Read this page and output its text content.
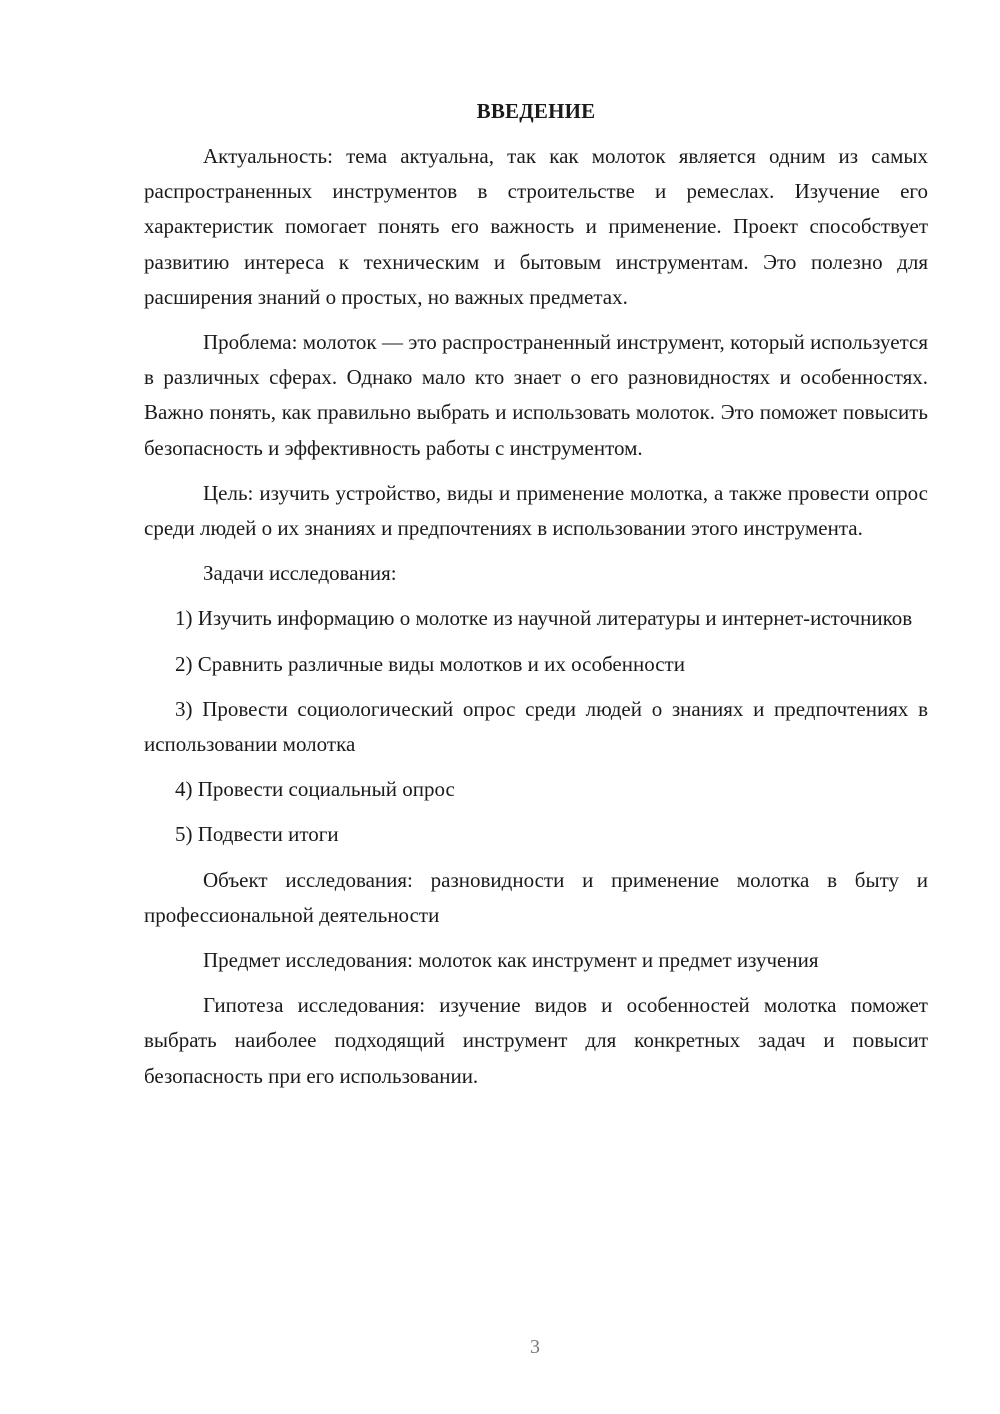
ВВЕДЕНИЕ

Актуальность: тема актуальна, так как молоток является одним из самых распространенных инструментов в строительстве и ремеслах. Изучение его характеристик помогает понять его важность и применение. Проект способствует развитию интереса к техническим и бытовым инструментам. Это полезно для расширения знаний о простых, но важных предметах.

Проблема: молоток — это распространенный инструмент, который используется в различных сферах. Однако мало кто знает о его разновидностях и особенностях. Важно понять, как правильно выбрать и использовать молоток. Это поможет повысить безопасность и эффективность работы с инструментом.

Цель: изучить устройство, виды и применение молотка, а также провести опрос среди людей о их знаниях и предпочтениях в использовании этого инструмента.

Задачи исследования:

1) Изучить информацию о молотке из научной литературы и интернет-источников

2) Сравнить различные виды молотков и их особенности

3) Провести социологический опрос среди людей о знаниях и предпочтениях в использовании молотка

4) Провести социальный опрос

5) Подвести итоги

Объект исследования: разновидности и применение молотка в быту и профессиональной деятельности

Предмет исследования: молоток как инструмент и предмет изучения

Гипотеза исследования: изучение видов и особенностей молотка поможет выбрать наиболее подходящий инструмент для конкретных задач и повысит безопасность при его использовании.

3
